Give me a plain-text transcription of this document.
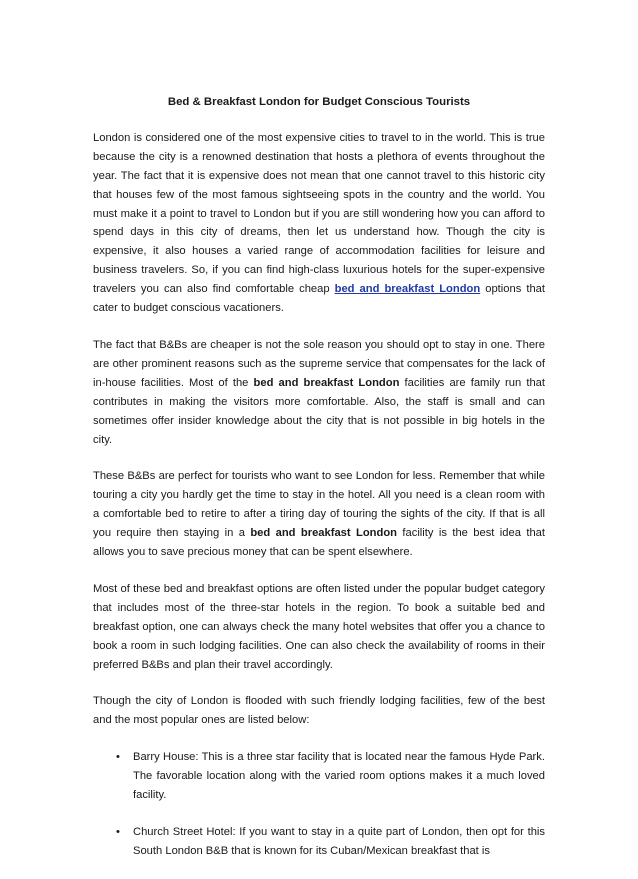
Bed & Breakfast London for Budget Conscious Tourists

London is considered one of the most expensive cities to travel to in the world. This is true because the city is a renowned destination that hosts a plethora of events throughout the year. The fact that it is expensive does not mean that one cannot travel to this historic city that houses few of the most famous sightseeing spots in the country and the world. You must make it a point to travel to London but if you are still wondering how you can afford to spend days in this city of dreams, then let us understand how. Though the city is expensive, it also houses a varied range of accommodation facilities for leisure and business travelers. So, if you can find high-class luxurious hotels for the super-expensive travelers you can also find comfortable cheap bed and breakfast London options that cater to budget conscious vacationers.

The fact that B&Bs are cheaper is not the sole reason you should opt to stay in one. There are other prominent reasons such as the supreme service that compensates for the lack of in-house facilities. Most of the bed and breakfast London facilities are family run that contributes in making the visitors more comfortable. Also, the staff is small and can sometimes offer insider knowledge about the city that is not possible in big hotels in the city.

These B&Bs are perfect for tourists who want to see London for less. Remember that while touring a city you hardly get the time to stay in the hotel. All you need is a clean room with a comfortable bed to retire to after a tiring day of touring the sights of the city. If that is all you require then staying in a bed and breakfast London facility is the best idea that allows you to save precious money that can be spent elsewhere.

Most of these bed and breakfast options are often listed under the popular budget category that includes most of the three-star hotels in the region. To book a suitable bed and breakfast option, one can always check the many hotel websites that offer you a chance to book a room in such lodging facilities. One can also check the availability of rooms in their preferred B&Bs and plan their travel accordingly.

Though the city of London is flooded with such friendly lodging facilities, few of the best and the most popular ones are listed below:

• Barry House: This is a three star facility that is located near the famous Hyde Park. The favorable location along with the varied room options makes it a much loved facility.
• Church Street Hotel: If you want to stay in a quite part of London, then opt for this South London B&B that is known for its Cuban/Mexican breakfast that is
